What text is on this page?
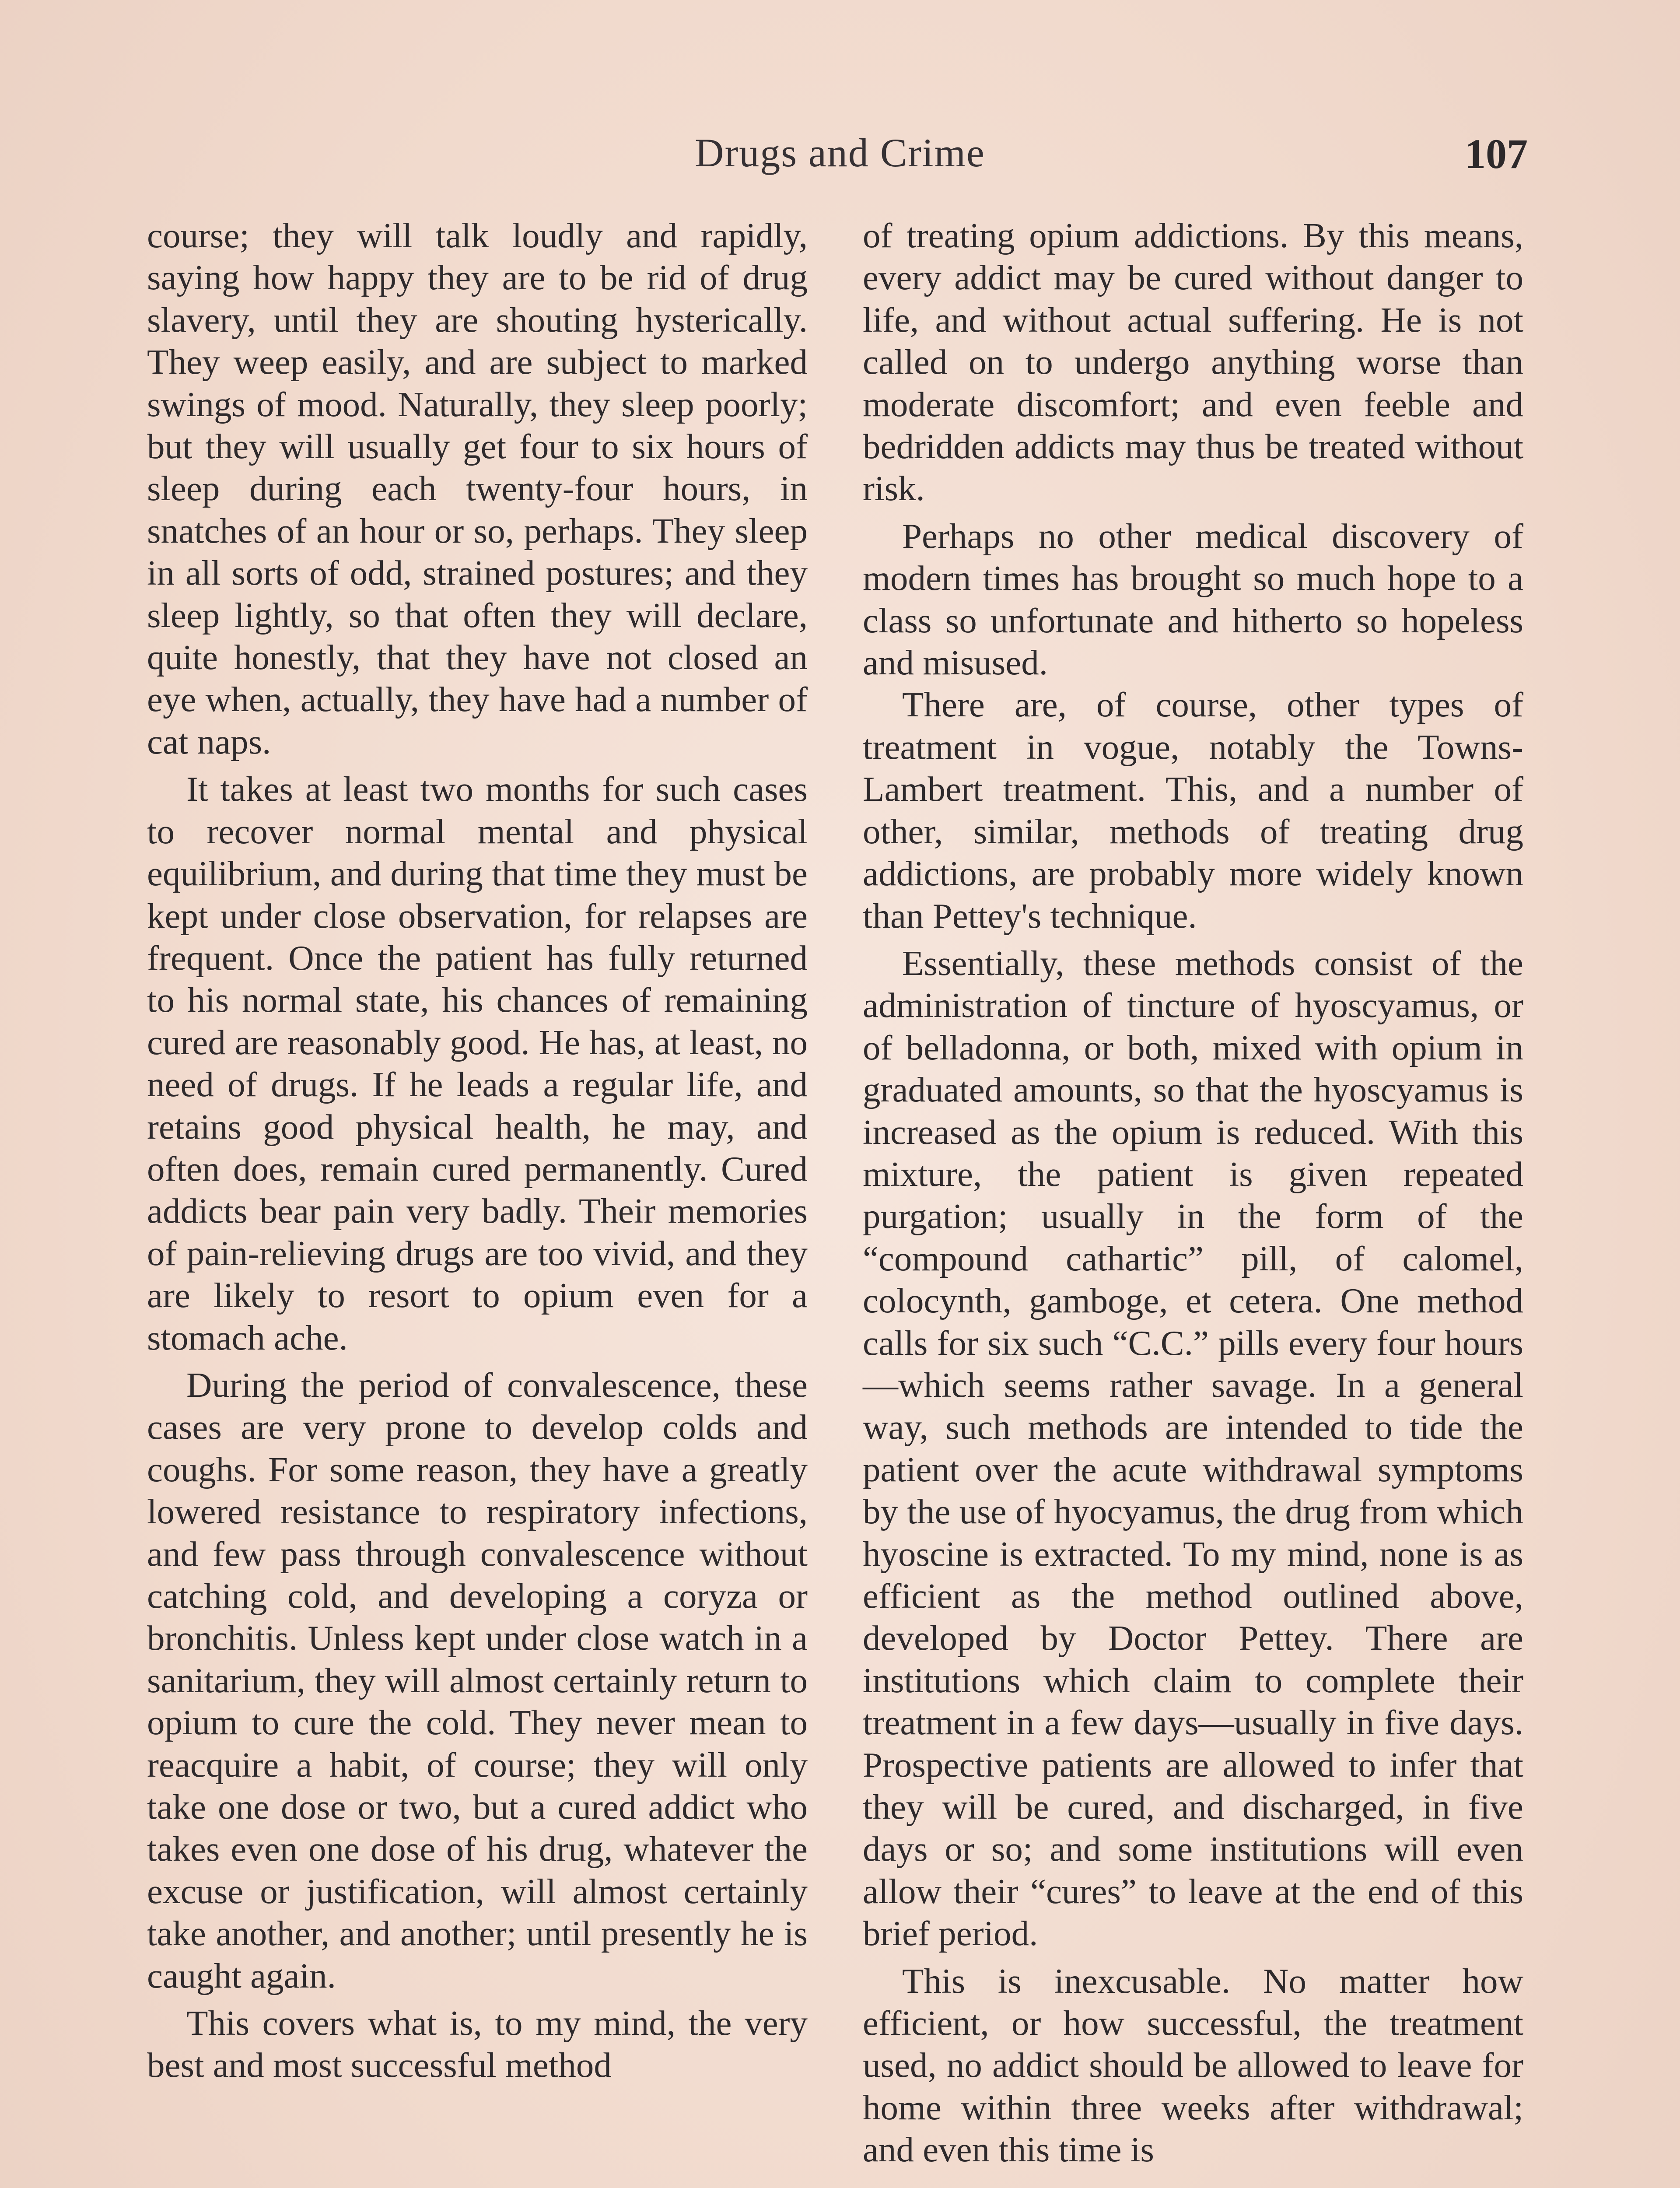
Drugs and Crime	107

course; they will talk loudly and rapidly, saying how happy they are to be rid of drug slavery, until they are shouting hysterically. They weep easily, and are subject to marked swings of mood. Naturally, they sleep poorly; but they will usually get four to six hours of sleep during each twenty-four hours, in snatches of an hour or so, perhaps. They sleep in all sorts of odd, strained postures; and they sleep lightly, so that often they will declare, quite honestly, that they have not closed an eye when, actually, they have had a number of cat naps.

It takes at least two months for such cases to recover normal mental and physical equilibrium, and during that time they must be kept under close observation, for relapses are frequent. Once the patient has fully returned to his normal state, his chances of remaining cured are reasonably good. He has, at least, no need of drugs. If he leads a regular life, and retains good physical health, he may, and often does, remain cured permanently. Cured addicts bear pain very badly. Their memories of pain-relieving drugs are too vivid, and they are likely to resort to opium even for a stomach ache.

During the period of convalescence, these cases are very prone to develop colds and coughs. For some reason, they have a greatly lowered resistance to respiratory infections, and few pass through convalescence without catching cold, and developing a coryza or bronchitis. Unless kept under close watch in a sanitarium, they will almost certainly return to opium to cure the cold. They never mean to reacquire a habit, of course; they will only take one dose or two, but a cured addict who takes even one dose of his drug, whatever the excuse or justification, will almost certainly take another, and another; until presently he is caught again.

This covers what is, to my mind, the very best and most successful method

of treating opium addictions. By this means, every addict may be cured without danger to life, and without actual suffering. He is not called on to undergo anything worse than moderate discomfort; and even feeble and bedridden addicts may thus be treated without risk.

Perhaps no other medical discovery of modern times has brought so much hope to a class so unfortunate and hitherto so hopeless and misused.

There are, of course, other types of treatment in vogue, notably the Towns-Lambert treatment. This, and a number of other, similar, methods of treating drug addictions, are probably more widely known than Pettey's technique.

Essentially, these methods consist of the administration of tincture of hyoscyamus, or of belladonna, or both, mixed with opium in graduated amounts, so that the hyoscyamus is increased as the opium is reduced. With this mixture, the patient is given repeated purgation; usually in the form of the “compound cathartic” pill, of calomel, colocynth, gamboge, et cetera. One method calls for six such “C.C.” pills every four hours—which seems rather savage. In a general way, such methods are intended to tide the patient over the acute withdrawal symptoms by the use of hyocyamus, the drug from which hyoscine is extracted. To my mind, none is as efficient as the method outlined above, developed by Doctor Pettey. There are institutions which claim to complete their treatment in a few days—usually in five days. Prospective patients are allowed to infer that they will be cured, and discharged, in five days or so; and some institutions will even allow their “cures” to leave at the end of this brief period.

This is inexcusable. No matter how efficient, or how successful, the treatment used, no addict should be allowed to leave for home within three weeks after withdrawal; and even this time is
